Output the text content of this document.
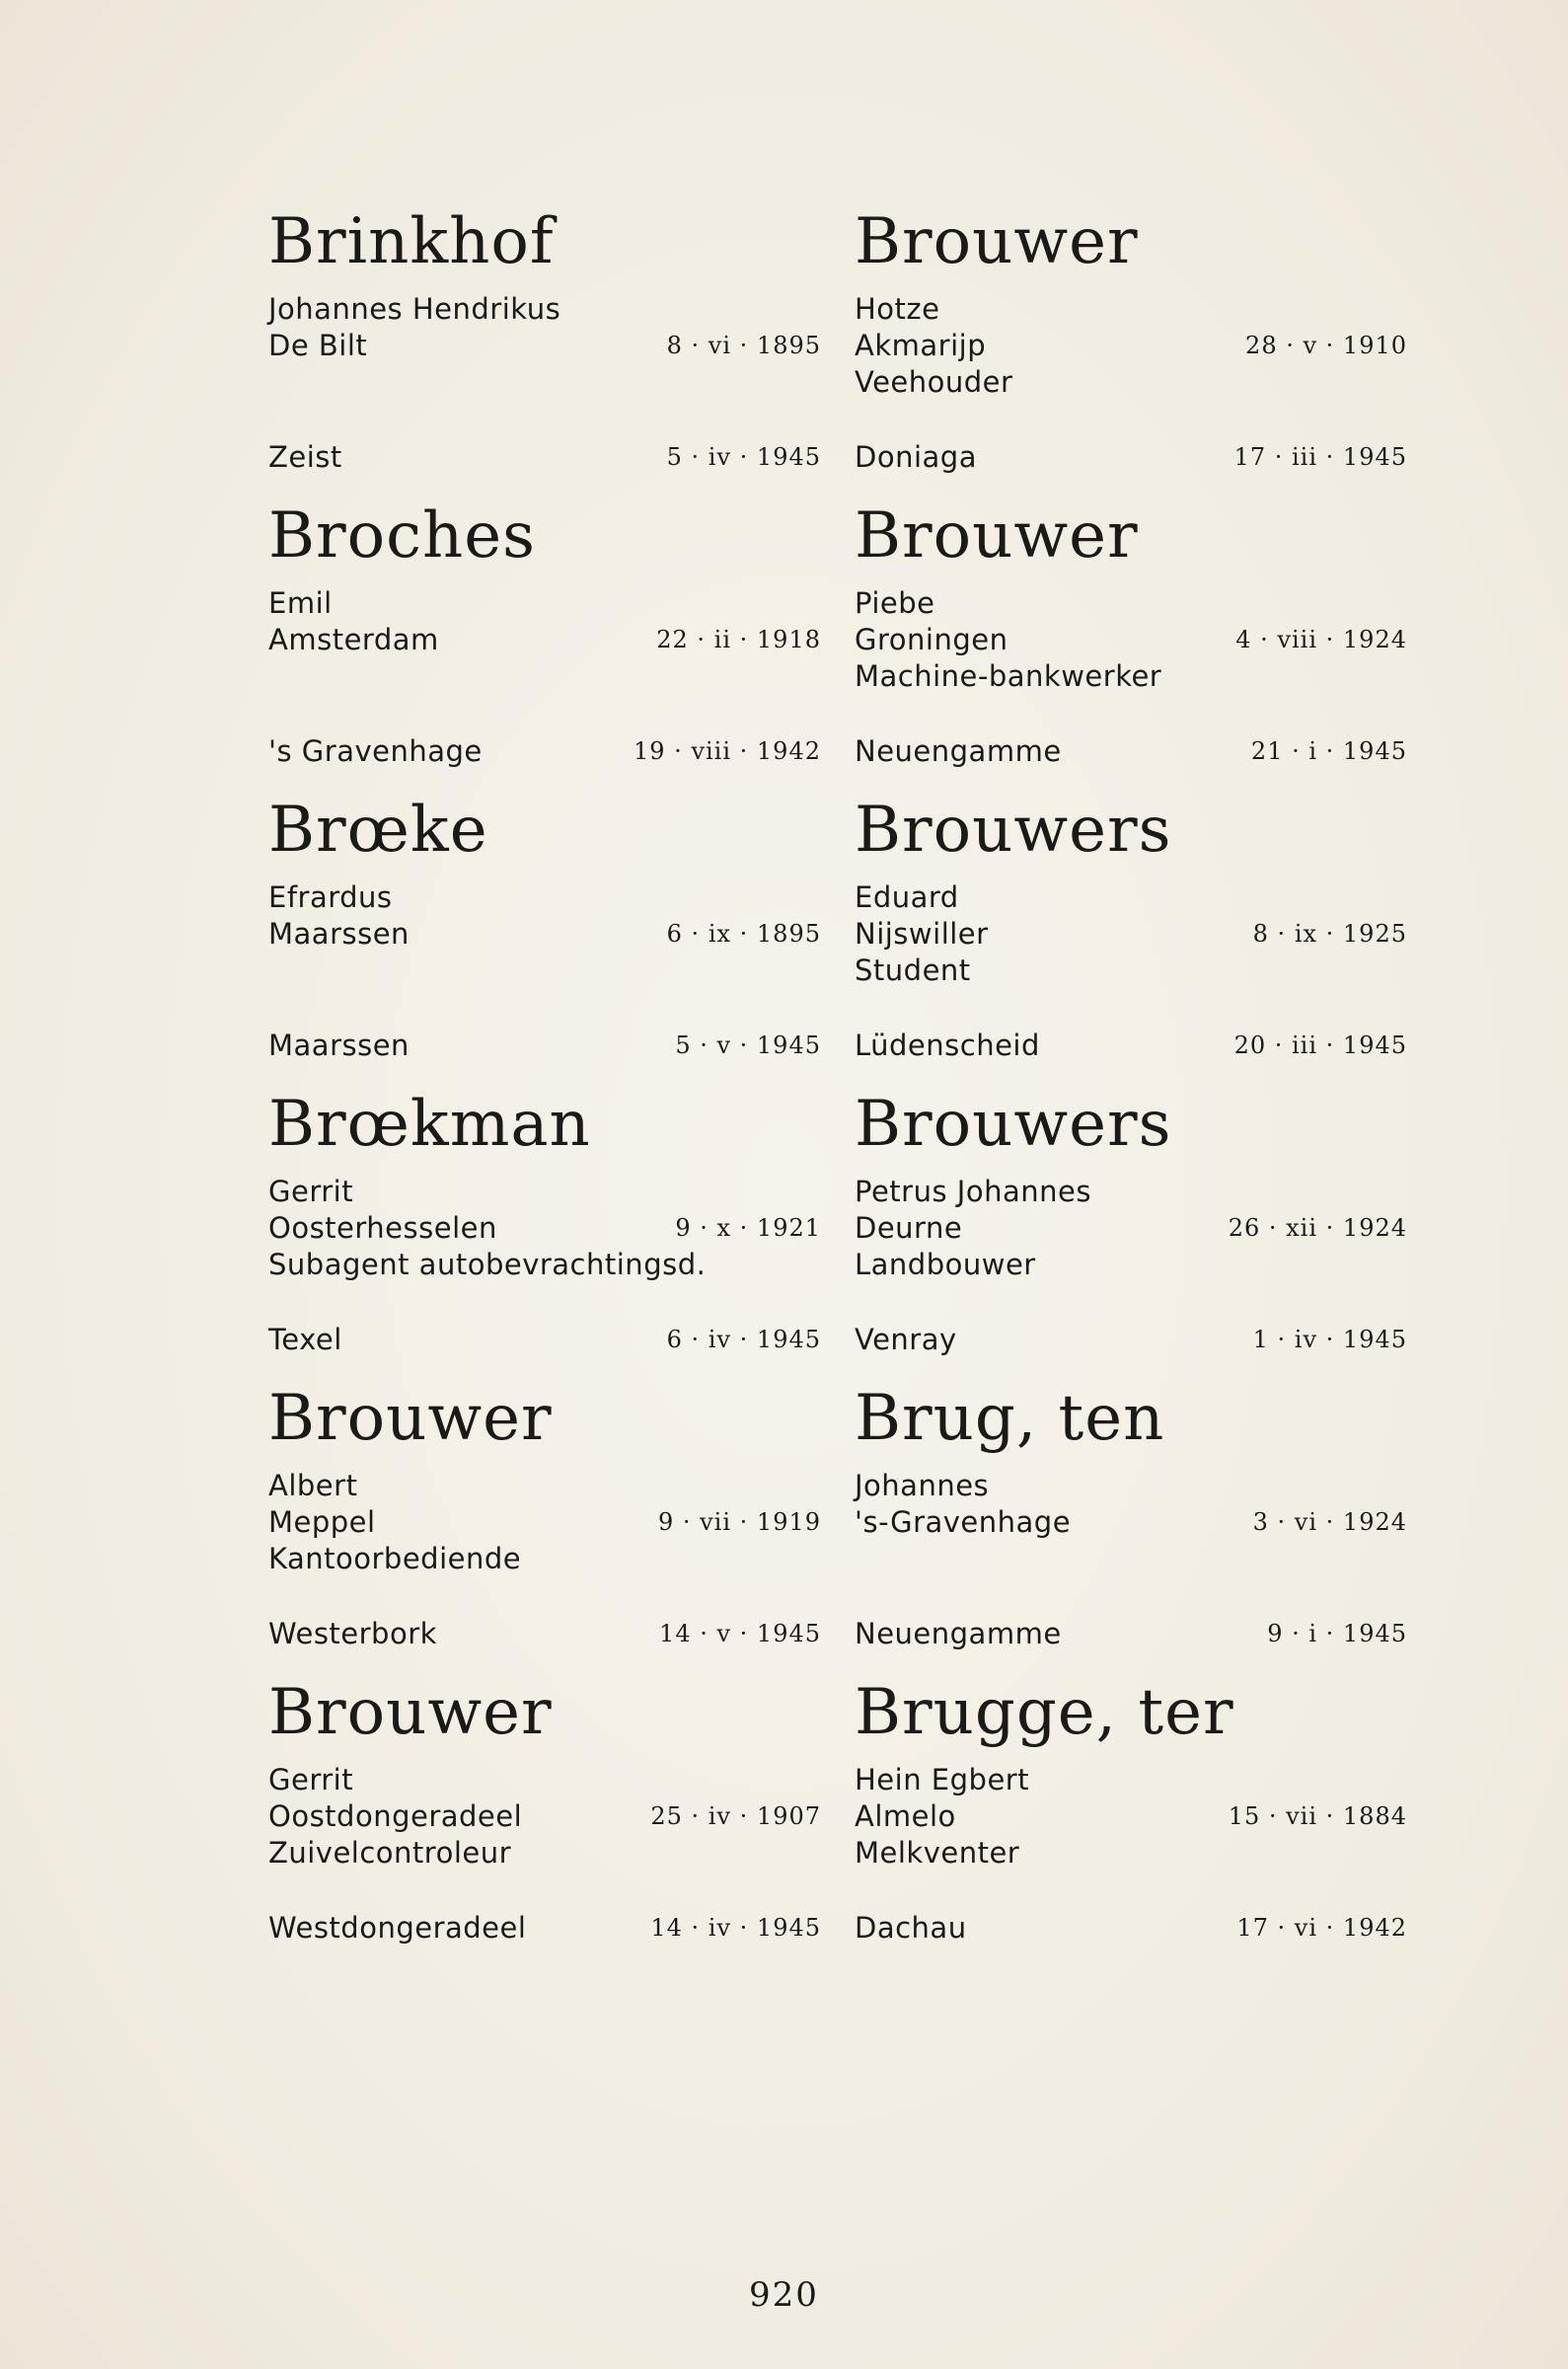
Brinkhof
Johannes Hendrikus
De Bilt	8 · vi · 1895
Zeist	5 · iv · 1945
Broches
Emil
Amsterdam	22 · ii · 1918
's Gravenhage	19 · viii · 1942
Brœke
Efrardus
Maarssen	6 · ix · 1895
Maarssen	5 · v · 1945
Brœkman
Gerrit
Oosterhesselen	9 · x · 1921
Subagent autobevrachtingsd.
Texel	6 · iv · 1945
Brouwer
Albert
Meppel	9 · vii · 1919
Kantoorbediende
Westerbork	14 · v · 1945
Brouwer
Gerrit
Oostdongeradeel	25 · iv · 1907
Zuivelcontroleur
Westdongeradeel	14 · iv · 1945
Brouwer
Hotze
Akmarijp	28 · v · 1910
Veehouder
Doniaga	17 · iii · 1945
Brouwer
Piebe
Groningen	4 · viii · 1924
Machine-bankwerker
Neuengamme	21 · i · 1945
Brouwers
Eduard
Nijswiller	8 · ix · 1925
Student
Lüdenscheid	20 · iii · 1945
Brouwers
Petrus Johannes
Deurne	26 · xii · 1924
Landbouwer
Venray	1 · iv · 1945
Brug, ten
Johannes
's-Gravenhage	3 · vi · 1924
Neuengamme	9 · i · 1945
Brugge, ter
Hein Egbert
Almelo	15 · vii · 1884
Melkventer
Dachau	17 · vi · 1942
920
